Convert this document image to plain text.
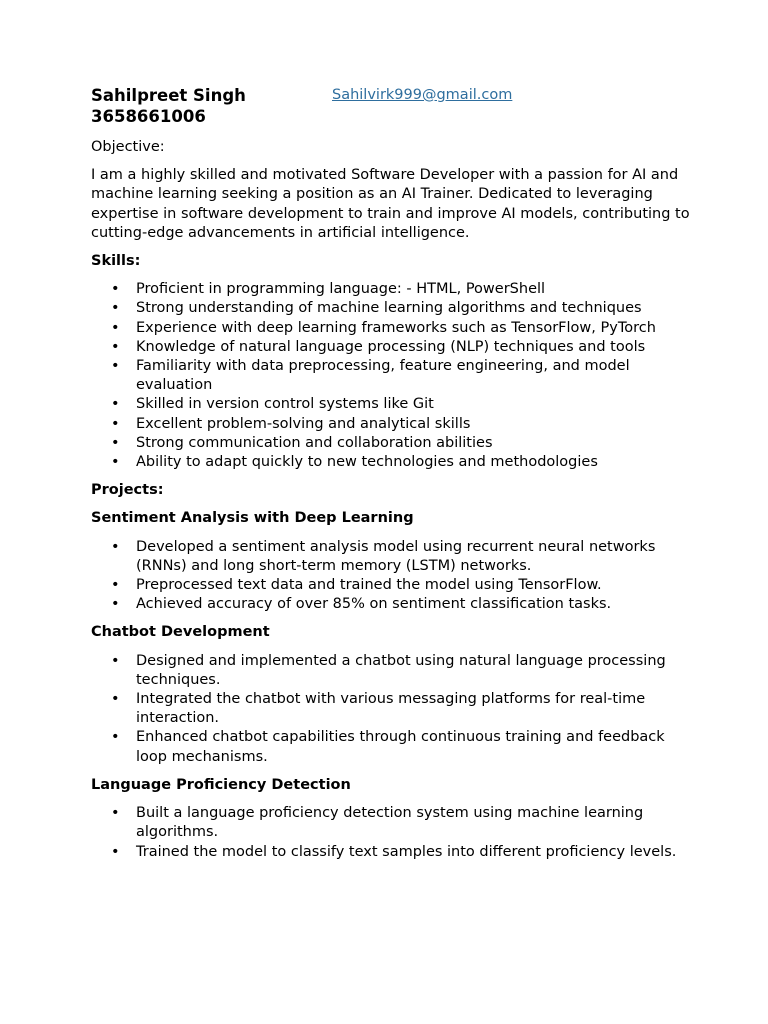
Sahilpreet Singh
3658661006
Sahilvirk999@gmail.com

Objective:

I am a highly skilled and motivated Software Developer with a passion for AI and machine learning seeking a position as an AI Trainer. Dedicated to leveraging expertise in software development to train and improve AI models, contributing to cutting-edge advancements in artificial intelligence.

Skills:

• Proficient in programming language: - HTML, PowerShell
• Strong understanding of machine learning algorithms and techniques
• Experience with deep learning frameworks such as TensorFlow, PyTorch
• Knowledge of natural language processing (NLP) techniques and tools
• Familiarity with data preprocessing, feature engineering, and model evaluation
• Skilled in version control systems like Git
• Excellent problem-solving and analytical skills
• Strong communication and collaboration abilities
• Ability to adapt quickly to new technologies and methodologies

Projects:

Sentiment Analysis with Deep Learning

• Developed a sentiment analysis model using recurrent neural networks (RNNs) and long short-term memory (LSTM) networks.
• Preprocessed text data and trained the model using TensorFlow.
• Achieved accuracy of over 85% on sentiment classification tasks.

Chatbot Development

• Designed and implemented a chatbot using natural language processing techniques.
• Integrated the chatbot with various messaging platforms for real-time interaction.
• Enhanced chatbot capabilities through continuous training and feedback loop mechanisms.

Language Proficiency Detection

• Built a language proficiency detection system using machine learning algorithms.
• Trained the model to classify text samples into different proficiency levels.
